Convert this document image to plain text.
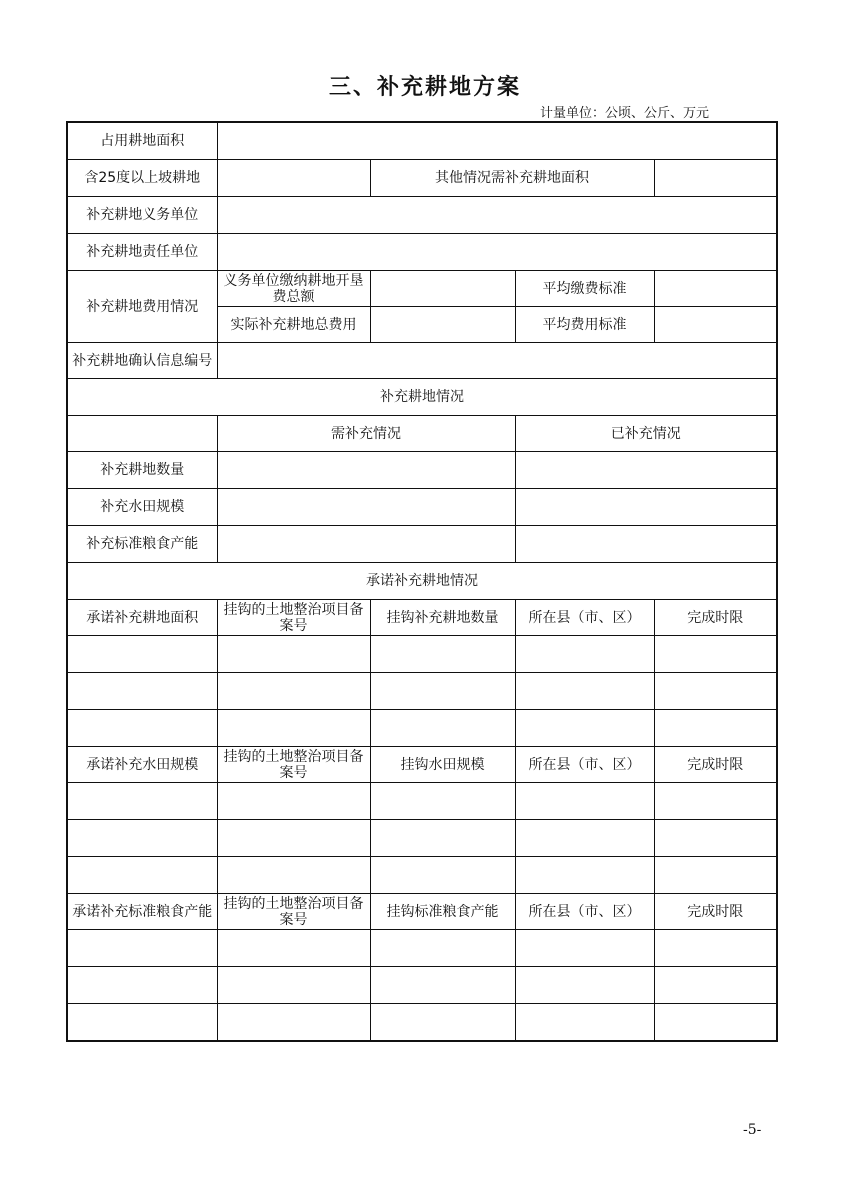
三、补充耕地方案
计量单位：公顷、公斤、万元
占用耕地面积				
含25度以上坡耕地		其他情况需补充耕地面积		
补充耕地义务单位				
补充耕地责任单位				
补充耕地费用情况	义务单位缴纳耕地开垦费总额		平均缴费标准	
	实际补充耕地总费用		平均费用标准	
补充耕地确认信息编号				
补充耕地情况				
	需补充情况		已补充情况	
补充耕地数量				
补充水田规模				
补充标准粮食产能				
承诺补充耕地情况				
承诺补充耕地面积	挂钩的土地整治项目备案号	挂钩补充耕地数量	所在县（市、区）	完成时限

承诺补充水田规模	挂钩的土地整治项目备案号	挂钩水田规模	所在县（市、区）	完成时限

承诺补充标准粮食产能	挂钩的土地整治项目备案号	挂钩标准粮食产能	所在县（市、区）	完成时限

-5-
